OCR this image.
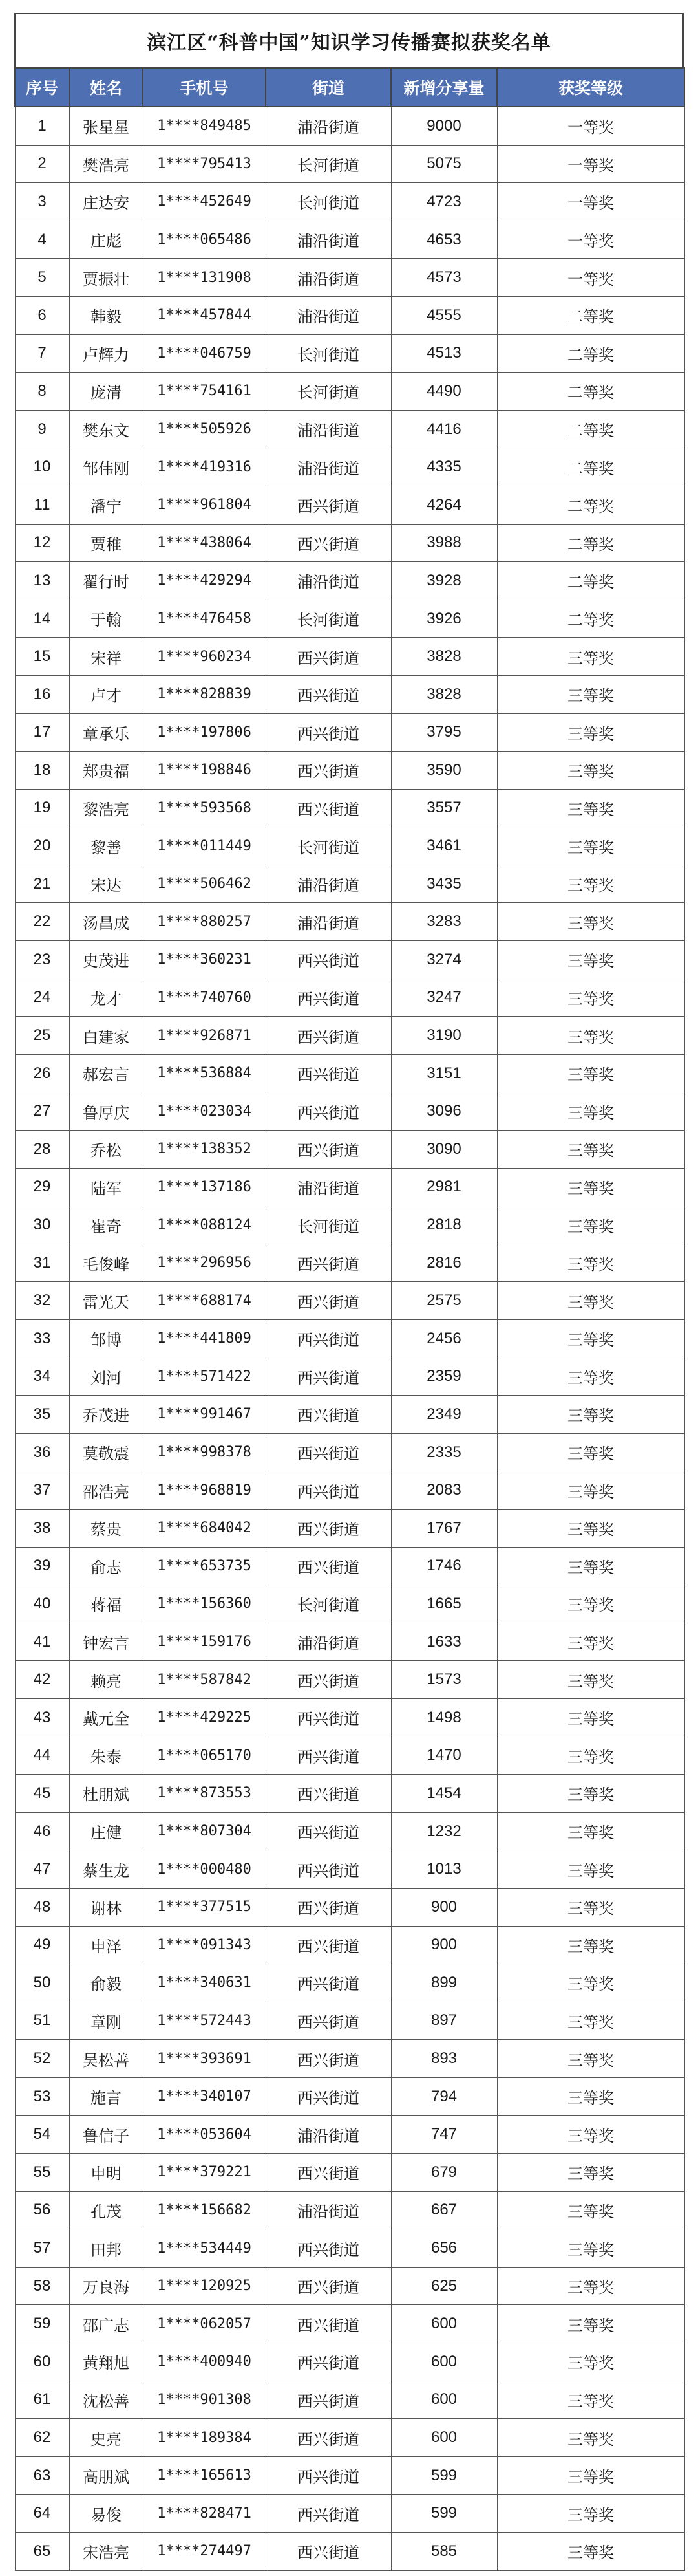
滨江区“科普中国”知识学习传播赛拟获奖名单
序号	姓名	手机号	街道	新增分享量	获奖等级
1	张星星	1****849485	浦沿街道	9000	一等奖
2	樊浩亮	1****795413	长河街道	5075	一等奖
3	庄达安	1****452649	长河街道	4723	一等奖
4	庄彪	1****065486	浦沿街道	4653	一等奖
5	贾振壮	1****131908	浦沿街道	4573	一等奖
6	韩毅	1****457844	浦沿街道	4555	二等奖
7	卢辉力	1****046759	长河街道	4513	二等奖
8	庞清	1****754161	长河街道	4490	二等奖
9	樊东文	1****505926	浦沿街道	4416	二等奖
10	邹伟刚	1****419316	浦沿街道	4335	二等奖
11	潘宁	1****961804	西兴街道	4264	二等奖
12	贾稚	1****438064	西兴街道	3988	二等奖
13	翟行时	1****429294	浦沿街道	3928	二等奖
14	于翰	1****476458	长河街道	3926	二等奖
15	宋祥	1****960234	西兴街道	3828	三等奖
16	卢才	1****828839	西兴街道	3828	三等奖
17	章承乐	1****197806	西兴街道	3795	三等奖
18	郑贵福	1****198846	西兴街道	3590	三等奖
19	黎浩亮	1****593568	西兴街道	3557	三等奖
20	黎善	1****011449	长河街道	3461	三等奖
21	宋达	1****506462	浦沿街道	3435	三等奖
22	汤昌成	1****880257	浦沿街道	3283	三等奖
23	史茂进	1****360231	西兴街道	3274	三等奖
24	龙才	1****740760	西兴街道	3247	三等奖
25	白建家	1****926871	西兴街道	3190	三等奖
26	郝宏言	1****536884	西兴街道	3151	三等奖
27	鲁厚庆	1****023034	西兴街道	3096	三等奖
28	乔松	1****138352	西兴街道	3090	三等奖
29	陆军	1****137186	浦沿街道	2981	三等奖
30	崔奇	1****088124	长河街道	2818	三等奖
31	毛俊峰	1****296956	西兴街道	2816	三等奖
32	雷光天	1****688174	西兴街道	2575	三等奖
33	邹博	1****441809	西兴街道	2456	三等奖
34	刘河	1****571422	西兴街道	2359	三等奖
35	乔茂进	1****991467	西兴街道	2349	三等奖
36	莫敬震	1****998378	西兴街道	2335	三等奖
37	邵浩亮	1****968819	西兴街道	2083	三等奖
38	蔡贵	1****684042	西兴街道	1767	三等奖
39	俞志	1****653735	西兴街道	1746	三等奖
40	蒋福	1****156360	长河街道	1665	三等奖
41	钟宏言	1****159176	浦沿街道	1633	三等奖
42	赖亮	1****587842	西兴街道	1573	三等奖
43	戴元全	1****429225	西兴街道	1498	三等奖
44	朱泰	1****065170	西兴街道	1470	三等奖
45	杜朋斌	1****873553	西兴街道	1454	三等奖
46	庄健	1****807304	西兴街道	1232	三等奖
47	蔡生龙	1****000480	西兴街道	1013	三等奖
48	谢林	1****377515	西兴街道	900	三等奖
49	申泽	1****091343	西兴街道	900	三等奖
50	俞毅	1****340631	西兴街道	899	三等奖
51	章刚	1****572443	西兴街道	897	三等奖
52	吴松善	1****393691	西兴街道	893	三等奖
53	施言	1****340107	西兴街道	794	三等奖
54	鲁信子	1****053604	浦沿街道	747	三等奖
55	申明	1****379221	西兴街道	679	三等奖
56	孔茂	1****156682	浦沿街道	667	三等奖
57	田邦	1****534449	西兴街道	656	三等奖
58	万良海	1****120925	西兴街道	625	三等奖
59	邵广志	1****062057	西兴街道	600	三等奖
60	黄翔旭	1****400940	西兴街道	600	三等奖
61	沈松善	1****901308	西兴街道	600	三等奖
62	史亮	1****189384	西兴街道	600	三等奖
63	高朋斌	1****165613	西兴街道	599	三等奖
64	易俊	1****828471	西兴街道	599	三等奖
65	宋浩亮	1****274497	西兴街道	585	三等奖
